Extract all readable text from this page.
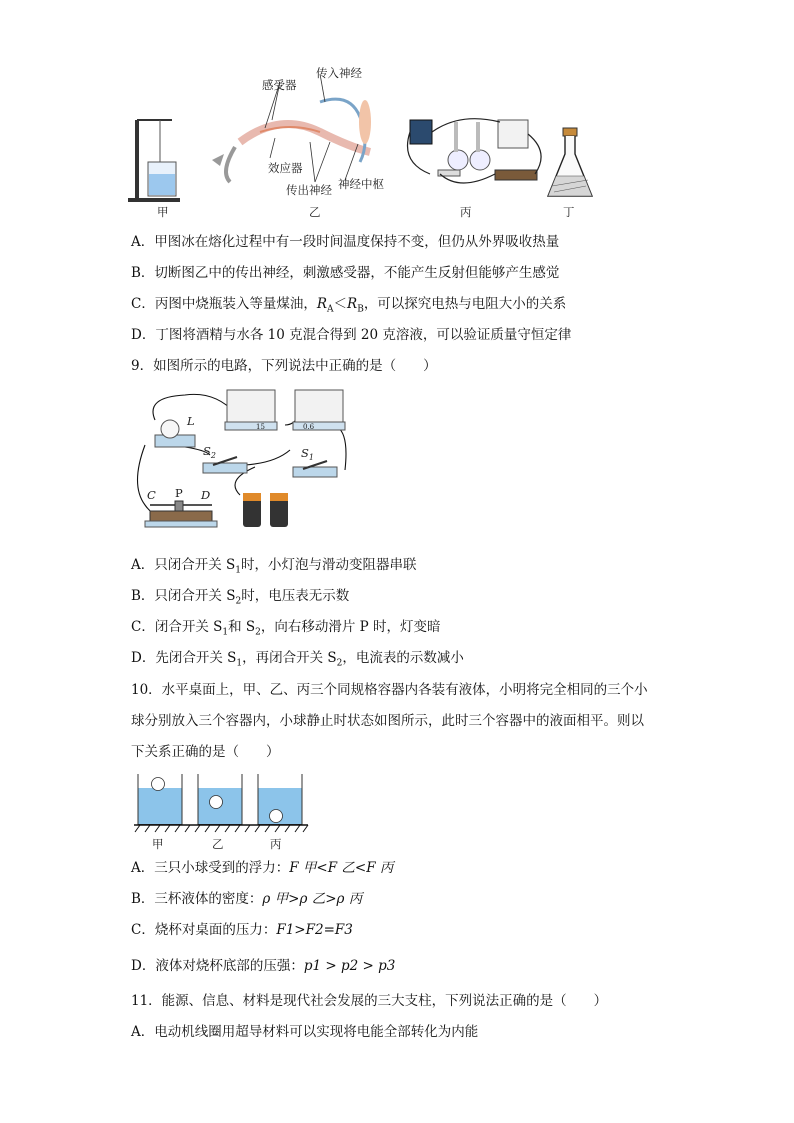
感受器
传入神经
效应器
传出神经 神经中枢
甲	乙	丙	丁
A．甲图冰在熔化过程中有一段时间温度保持不变，但仍从外界吸收热量
B．切断图乙中的传出神经，刺激感受器，不能产生反射但能够产生感觉
C．丙图中烧瓶装入等量煤油，$R_A<R_B$，可以探究电热与电阻大小的关系
D．丁图将酒精与水各 10 克混合得到 20 克溶液，可以验证质量守恒定律
9．如图所示的电路，下列说法中正确的是（　　）
L	15	0.6
$S_2$	$S_1$
C P D
A．只闭合开关 $S_1$时，小灯泡与滑动变阻器串联
B．只闭合开关 $S_2$时，电压表无示数
C．闭合开关 $S_1$和 $S_2$，向右移动滑片 P 时，灯变暗
D．先闭合开关 $S_1$，再闭合开关 $S_2$，电流表的示数减小
10．水平桌面上，甲、乙、丙三个同规格容器内各装有液体，小明将完全相同的三个小
球分别放入三个容器内，小球静止时状态如图所示，此时三个容器中的液面相平。则以
下关系正确的是（　　）
甲	乙	丙
A．三只小球受到的浮力：F 甲<F 乙<F 丙
B．三杯液体的密度：ρ 甲>ρ 乙>ρ 丙
C．烧杯对桌面的压力：F1>F2=F3
D．液体对烧杯底部的压强：p1 > p2 > p3
11．能源、信息、材料是现代社会发展的三大支柱，下列说法正确的是（　　）
A．电动机线圈用超导材料可以实现将电能全部转化为内能
